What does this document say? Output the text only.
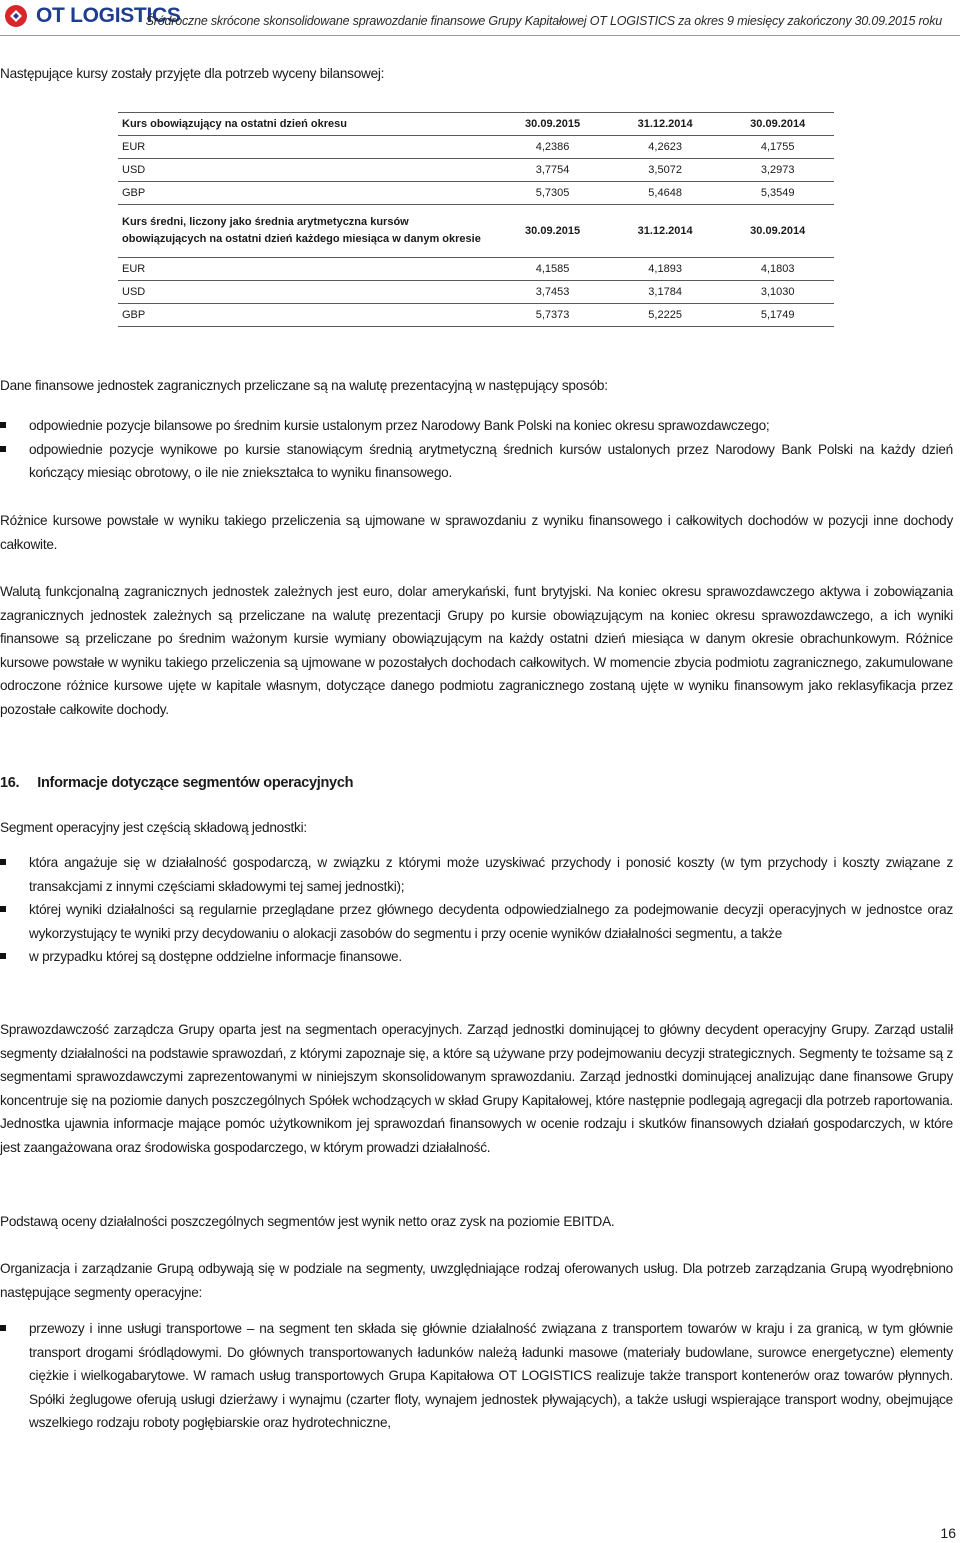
OT LOGISTICS
Śródroczne skrócone skonsolidowane sprawozdanie finansowe Grupy Kapitałowej OT LOGISTICS za okres 9 miesięcy zakończony 30.09.2015 roku
Następujące kursy zostały przyjęte dla potrzeb wyceny bilansowej:
Kurs obowiązujący na ostatni dzień okresu	30.09.2015	31.12.2014	30.09.2014
EUR	4,2386	4,2623	4,1755
USD	3,7754	3,5072	3,2973
GBP	5,7305	5,4648	5,3549
Kurs średni, liczony jako średnia arytmetyczna kursów obowiązujących na ostatni dzień każdego miesiąca w danym okresie	30.09.2015	31.12.2014	30.09.2014
EUR	4,1585	4,1893	4,1803
USD	3,7453	3,1784	3,1030
GBP	5,7373	5,2225	5,1749
Dane finansowe jednostek zagranicznych przeliczane są na walutę prezentacyjną w następujący sposób:
odpowiednie pozycje bilansowe po średnim kursie ustalonym przez Narodowy Bank Polski na koniec okresu sprawozdawczego;
odpowiednie pozycje wynikowe po kursie stanowiącym średnią arytmetyczną średnich kursów ustalonych przez Narodowy Bank Polski na każdy dzień kończący miesiąc obrotowy, o ile nie zniekształca to wyniku finansowego.
Różnice kursowe powstałe w wyniku takiego przeliczenia są ujmowane w sprawozdaniu z wyniku finansowego i całkowitych dochodów w pozycji inne dochody całkowite.
Walutą funkcjonalną zagranicznych jednostek zależnych jest euro, dolar amerykański, funt brytyjski. Na koniec okresu sprawozdawczego aktywa i zobowiązania zagranicznych jednostek zależnych są przeliczane na walutę prezentacji Grupy po kursie obowiązującym na koniec okresu sprawozdawczego, a ich wyniki finansowe są przeliczane po średnim ważonym kursie wymiany obowiązującym na każdy ostatni dzień miesiąca w danym okresie obrachunkowym. Różnice kursowe powstałe w wyniku takiego przeliczenia są ujmowane w pozostałych dochodach całkowitych. W momencie zbycia podmiotu zagranicznego, zakumulowane odroczone różnice kursowe ujęte w kapitale własnym, dotyczące danego podmiotu zagranicznego zostaną ujęte w wyniku finansowym jako reklasyfikacja przez pozostałe całkowite dochody.
16. Informacje dotyczące segmentów operacyjnych
Segment operacyjny jest częścią składową jednostki:
która angażuje się w działalność gospodarczą, w związku z którymi może uzyskiwać przychody i ponosić koszty (w tym przychody i koszty związane z transakcjami z innymi częściami składowymi tej samej jednostki);
której wyniki działalności są regularnie przeglądane przez głównego decydenta odpowiedzialnego za podejmowanie decyzji operacyjnych w jednostce oraz wykorzystujący te wyniki przy decydowaniu o alokacji zasobów do segmentu i przy ocenie wyników działalności segmentu, a także
w przypadku której są dostępne oddzielne informacje finansowe.
Sprawozdawczość zarządcza Grupy oparta jest na segmentach operacyjnych. Zarząd jednostki dominującej to główny decydent operacyjny Grupy. Zarząd ustalił segmenty działalności na podstawie sprawozdań, z którymi zapoznaje się, a które są używane przy podejmowaniu decyzji strategicznych. Segmenty te tożsame są z segmentami sprawozdawczymi zaprezentowanymi w niniejszym skonsolidowanym sprawozdaniu. Zarząd jednostki dominującej analizując dane finansowe Grupy koncentruje się na poziomie danych poszczególnych Spółek wchodzących w skład Grupy Kapitałowej, które następnie podlegają agregacji dla potrzeb raportowania. Jednostka ujawnia informacje mające pomóc użytkownikom jej sprawozdań finansowych w ocenie rodzaju i skutków finansowych działań gospodarczych, w które jest zaangażowana oraz środowiska gospodarczego, w którym prowadzi działalność.
Podstawą oceny działalności poszczególnych segmentów jest wynik netto oraz zysk na poziomie EBITDA.
Organizacja i zarządzanie Grupą odbywają się w podziale na segmenty, uwzględniające rodzaj oferowanych usług. Dla potrzeb zarządzania Grupą wyodrębniono następujące segmenty operacyjne:
przewozy i inne usługi transportowe – na segment ten składa się głównie działalność związana z transportem towarów w kraju i za granicą, w tym głównie transport drogami śródlądowymi. Do głównych transportowanych ładunków należą ładunki masowe (materiały budowlane, surowce energetyczne) elementy ciężkie i wielkogabarytowe. W ramach usług transportowych Grupa Kapitałowa OT LOGISTICS realizuje także transport kontenerów oraz towarów płynnych. Spółki żeglugowe oferują usługi dzierżawy i wynajmu (czarter floty, wynajem jednostek pływających), a także usługi wspierające transport wodny, obejmujące wszelkiego rodzaju roboty pogłębiarskie oraz hydrotechniczne,
16
